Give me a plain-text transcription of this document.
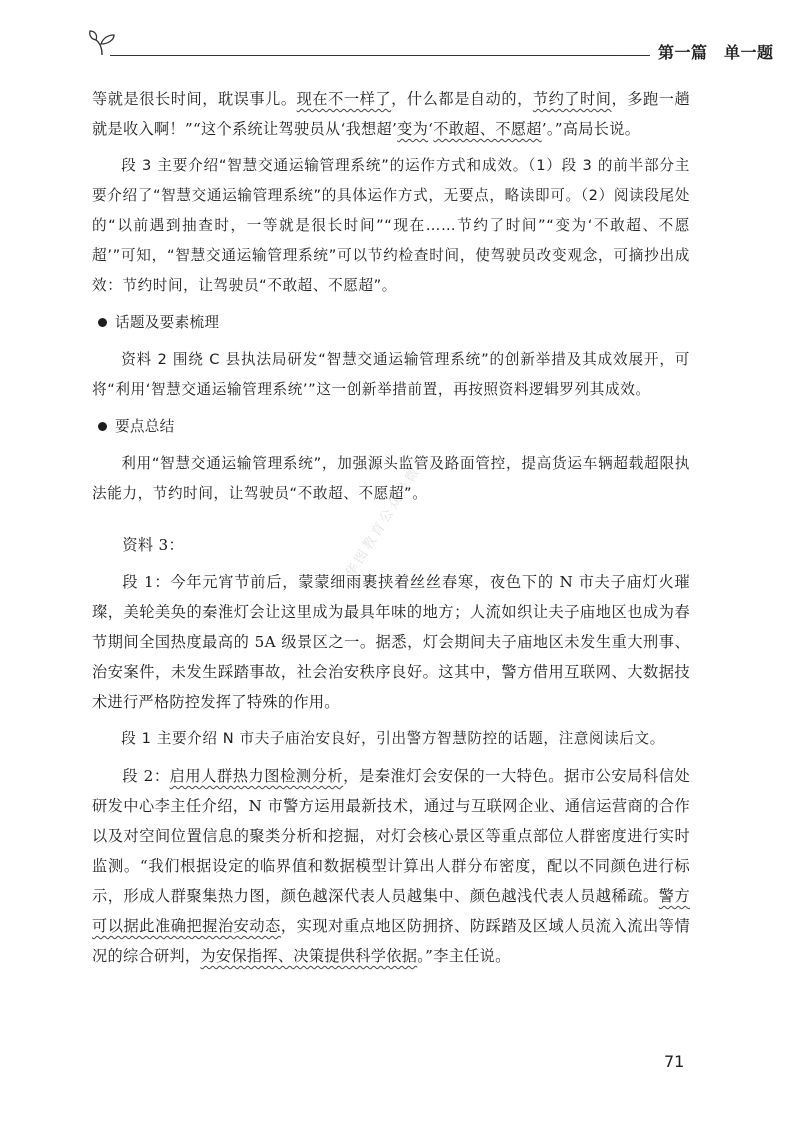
第一篇　单一题

等就是很长时间，耽误事儿。现在不一样了，什么都是自动的，节约了时间，多跑一趟就是收入啊！”“这个系统让驾驶员从‘我想超’变为‘不敢超、不愿超’。”高局长说。

段 3 主要介绍“智慧交通运输管理系统”的运作方式和成效。（1）段 3 的前半部分主要介绍了“智慧交通运输管理系统”的具体运作方式，无要点，略读即可。（2）阅读段尾处的“以前遇到抽查时，一等就是很长时间”“现在……节约了时间”“变为‘不敢超、不愿超’”可知，“智慧交通运输管理系统”可以节约检查时间，使驾驶员改变观念，可摘抄出成效：节约时间，让驾驶员“不敢超、不愿超”。

话题及要素梳理

资料 2 围绕 C 县执法局研发“智慧交通运输管理系统”的创新举措及其成效展开，可将“利用‘智慧交通运输管理系统’”这一创新举措前置，再按照资料逻辑罗列其成效。

要点总结

利用“智慧交通运输管理系统”，加强源头监管及路面管控，提高货运车辆超载超限执法能力，节约时间，让驾驶员“不敢超、不愿超”。

资料 3：

段 1：今年元宵节前后，蒙蒙细雨裹挟着丝丝春寒，夜色下的 N 市夫子庙灯火璀璨，美轮美奂的秦淮灯会让这里成为最具年味的地方；人流如织让夫子庙地区也成为春节期间全国热度最高的 5A 级景区之一。据悉，灯会期间夫子庙地区未发生重大刑事、治安案件，未发生踩踏事故，社会治安秩序良好。这其中，警方借用互联网、大数据技术进行严格防控发挥了特殊的作用。

段 1 主要介绍 N 市夫子庙治安良好，引出警方智慧防控的话题，注意阅读后文。

段 2：启用人群热力图检测分析，是秦淮灯会安保的一大特色。据市公安局科信处研发中心李主任介绍，N 市警方运用最新技术，通过与互联网企业、通信运营商的合作以及对空间位置信息的聚类分析和挖掘，对灯会核心景区等重点部位人群密度进行实时监测。“我们根据设定的临界值和数据模型计算出人群分布密度，配以不同颜色进行标示，形成人群聚集热力图，颜色越深代表人员越集中、颜色越浅代表人员越稀疏。警方可以据此准确把握治安动态，实现对重点地区防拥挤、防踩踏及区域人员流入流出等情况的综合研判，为安保指挥、决策提供科学依据。”李主任说。

华图教育公众号微信
71
